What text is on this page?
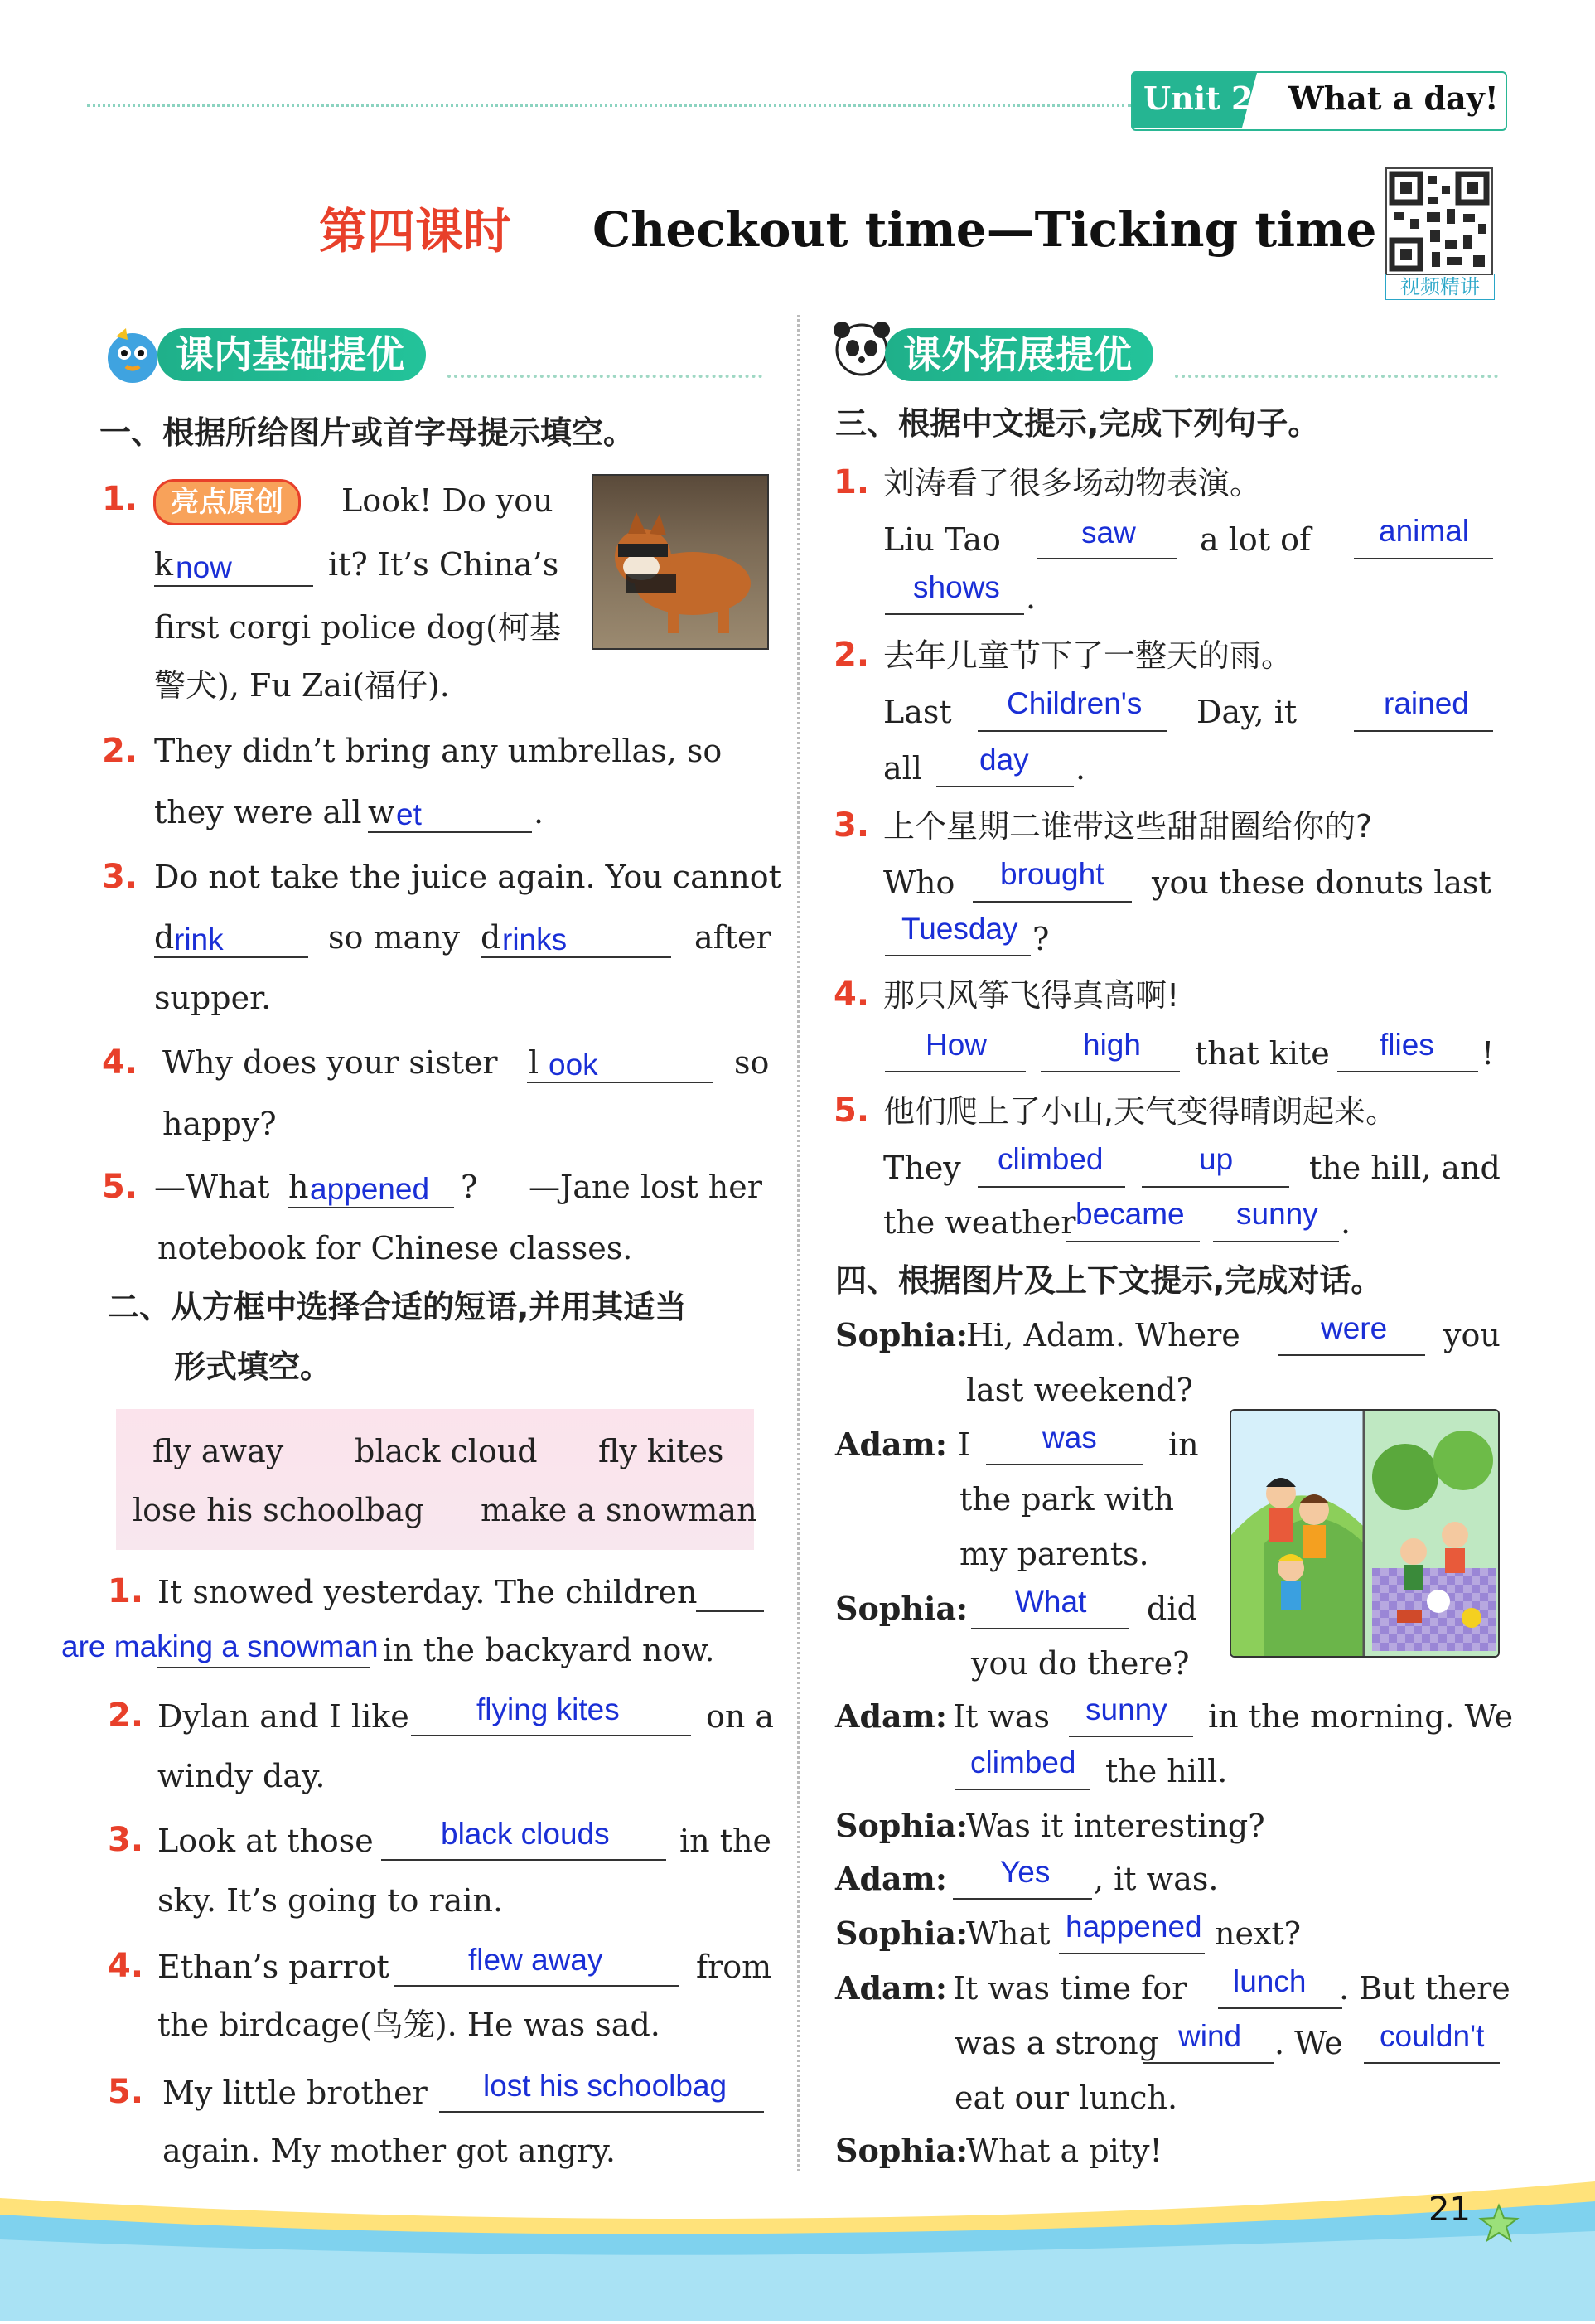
Unit 2 What a day!
第四课时 Checkout time—Ticking time
视频精讲
课内基础提优	课外拓展提优
一、根据所给图片或首字母提示填空。
1.	亮点原创	Look! Do you
k now	it? It’s China’s
first corgi police dog(柯基
警犬), Fu Zai(福仔).
2. They didn’t bring any umbrellas, so
they were all w et	.
3. Do not take the juice again. You cannot
d rink	so many d rinks	after
supper.
4. Why does your sister l ook	so
happy?
5. —What h appened ? —Jane lost her
notebook for Chinese classes.
二、从方框中选择合适的短语,并用其适当
形式填空。
fly away black cloud fly kites
lose his schoolbag make a snowman
1. It snowed yesterday. The children
are making a snowman in the backyard now.
2. Dylan and I like flying kites	on a
windy day.
3. Look at those black clouds in the
sky. It’s going to rain.
4. Ethan’s parrot	flew away	from
the birdcage(鸟笼). He was sad.
5. My little brother lost his schoolbag
again. My mother got angry.
三、根据中文提示,完成下列句子。
1. 刘涛看了很多场动物表演。
Liu Tao	saw a lot of animal
shows .
2. 去年儿童节下了一整天的雨。
Last Children's Day, it	rained
all day .
3. 上个星期二谁带这些甜甜圈给你的?
Who brought you these donuts last
Tuesday ?
4. 那只风筝飞得真高啊!
How	high that kite flies !
5. 他们爬上了小山,天气变得晴朗起来。
They climbed	up the hill, and
the weather became sunny .
四、根据图片及上下文提示,完成对话。
Sophia:
Hi, Adam. Where	were you
last weekend?
Adam: I was in
the park with
my parents.
Sophia: What did
you do there?
Adam: It was sunny in the morning. We
climbed the hill.
Sophia:
Was it interesting?
Adam: Yes , it was.
Sophia:
What happened next?
Adam: It was time for lunch . But there
was a strong wind . We couldn't
eat our lunch.
Sophia:
What a pity!
21
